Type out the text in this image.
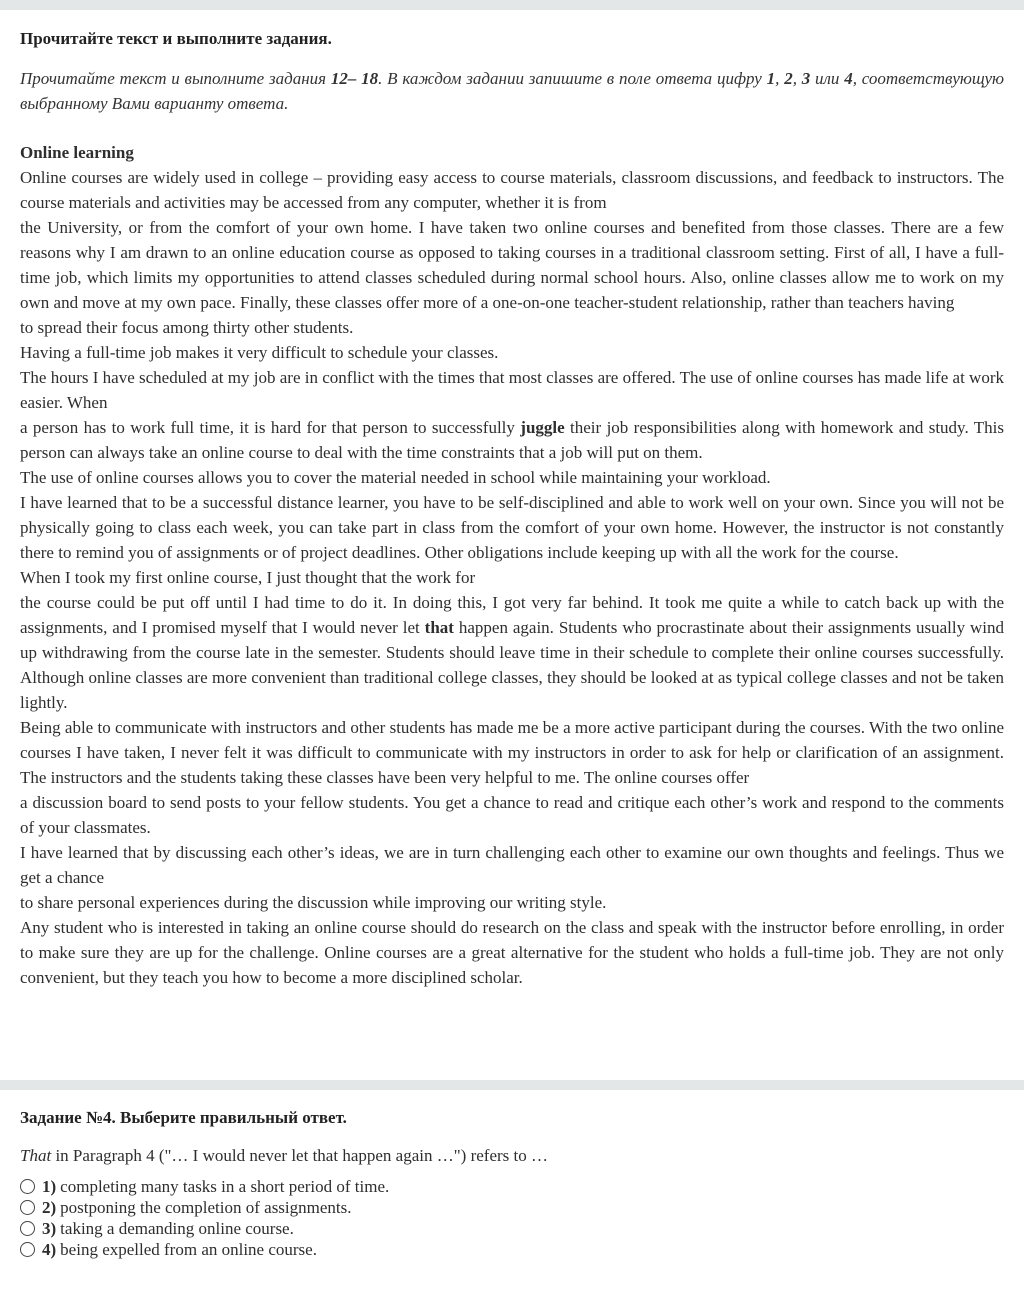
Прочитайте текст и выполните задания.

Прочитайте текст и выполните задания 12– 18. В каждом задании запишите в поле ответа цифру 1, 2, 3 или 4, соответствующую выбранному Вами варианту ответа.

Online learning

Online courses are widely used in college – providing easy access to course materials, classroom discussions, and feedback to instructors. The course materials and activities may be accessed from any computer, whether it is from

the University, or from the comfort of your own home. I have taken two online courses and benefited from those classes. There are a few reasons why I am drawn to an online education course as opposed to taking courses in a traditional classroom setting. First of all, I have a full-time job, which limits my opportunities to attend classes scheduled during normal school hours. Also, online classes allow me to work on my own and move at my own pace. Finally, these classes offer more of a one-on-one teacher-student relationship, rather than teachers having

to spread their focus among thirty other students.

Having a full-time job makes it very difficult to schedule your classes.

The hours I have scheduled at my job are in conflict with the times that most classes are offered. The use of online courses has made life at work easier. When

a person has to work full time, it is hard for that person to successfully juggle their job responsibilities along with homework and study. This person can always take an online course to deal with the time constraints that a job will put on them.

The use of online courses allows you to cover the material needed in school while maintaining your workload.

I have learned that to be a successful distance learner, you have to be self-disciplined and able to work well on your own. Since you will not be physically going to class each week, you can take part in class from the comfort of your own home. However, the instructor is not constantly there to remind you of assignments or of project deadlines. Other obligations include keeping up with all the work for the course.

When I took my first online course, I just thought that the work for

the course could be put off until I had time to do it. In doing this, I got very far behind. It took me quite a while to catch back up with the assignments, and I promised myself that I would never let that happen again. Students who procrastinate about their assignments usually wind up withdrawing from the course late in the semester. Students should leave time in their schedule to complete their online courses successfully. Although online classes are more convenient than traditional college classes, they should be looked at as typical college classes and not be taken lightly.

Being able to communicate with instructors and other students has made me be a more active participant during the courses. With the two online courses I have taken, I never felt it was difficult to communicate with my instructors in order to ask for help or clarification of an assignment. The instructors and the students taking these classes have been very helpful to me. The online courses offer

a discussion board to send posts to your fellow students. You get a chance to read and critique each other’s work and respond to the comments of your classmates.

I have learned that by discussing each other’s ideas, we are in turn challenging each other to examine our own thoughts and feelings. Thus we get a chance

to share personal experiences during the discussion while improving our writing style.

Any student who is interested in taking an online course should do research on the class and speak with the instructor before enrolling, in order to make sure they are up for the challenge. Online courses are a great alternative for the student who holds a full-time job. They are not only convenient, but they teach you how to become a more disciplined scholar.

Задание №4. Выберите правильный ответ.
That in Paragraph 4 ("… I would never let that happen again …") refers to …
1) completing many tasks in a short period of time.
2) postponing the completion of assignments.
3) taking a demanding online course.
4) being expelled from an online course.
